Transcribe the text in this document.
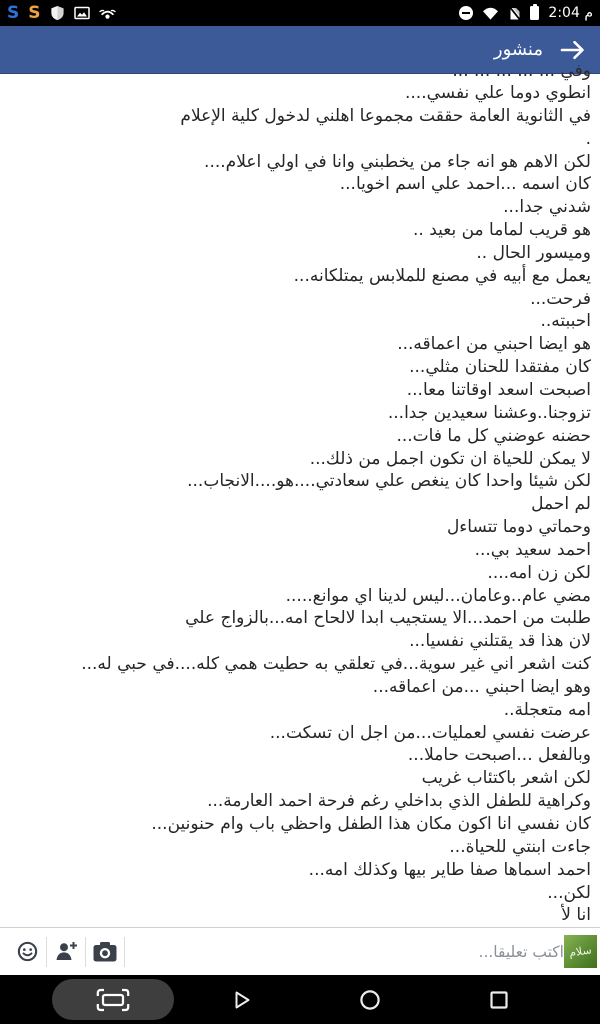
S S	م 2:04
منشور
وفي ... ... ... ... ...
انطوي دوما علي نفسي....
في الثانوية العامة حققت مجموعا اهلني لدخول كلية الإعلام
.
لكن الاهم هو انه جاء من يخطبني وانا في اولي اعلام....
كان اسمه ...احمد علي اسم اخويا...
شدني جدا...
هو قريب لماما من بعيد ..
وميسور الحال ..
يعمل مع أبيه في مصنع للملابس يمتلكانه...
فرحت...
احببته..
هو ايضا احبني من اعماقه...
كان مفتقدا للحنان مثلي...
اصبحت اسعد اوقاتنا معا...
تزوجنا..وعشنا سعيدين جدا...
حضنه عوضني كل ما فات...
لا يمكن للحياة ان تكون اجمل من ذلك...
لكن شيئا واحدا كان ينغص علي سعادتي....هو....الانجاب...
لم احمل
وحماتي دوما تتساءل
احمد سعيد بي...
لكن زن امه....
مضي عام..وعامان...ليس لدينا اي موانع.....
طلبت من احمد...الا يستجيب ابدا لالحاح امه...بالزواج علي
لان هذا قد يقتلني نفسيا...
كنت اشعر اني غير سوية...في تعلقي به حطيت همي كله....في حبي له...
وهو ايضا احبني ...من اعماقه...
امه متعجلة..
عرضت نفسي لعمليات...من اجل ان تسكت...
وبالفعل ...اصبحت حاملا...
لكن اشعر باكتئاب غريب
وكراهية للطفل الذي بداخلي رغم فرحة احمد العارمة...
كان نفسي انا اكون مكان هذا الطفل واحظي باب وام حنونين...
جاءت ابنتي للحياة...
احمد اسماها صفا طاير بيها وكذلك امه...
لكن...
انا لأ
اكتب تعليقا... سلام
